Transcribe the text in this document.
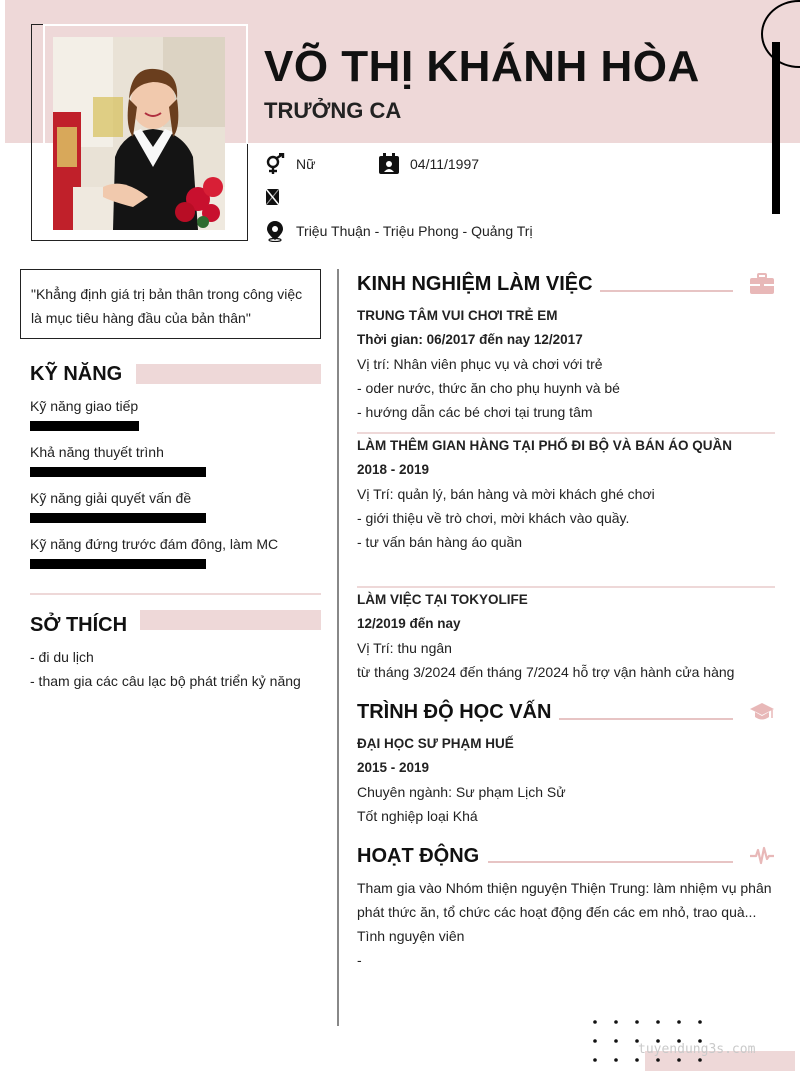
VÕ THỊ KHÁNH HÒA
TRƯỞNG CA
Nữ	04/11/1997
Triệu Thuận - Triệu Phong - Quảng Trị
"Khẳng định giá trị bản thân trong công việc là mục tiêu hàng đầu của bản thân"
KỸ NĂNG
Kỹ năng giao tiếp
Khả năng thuyết trình
Kỹ năng giải quyết vấn đề
Kỹ năng đứng trước đám đông, làm MC
SỞ THÍCH
- đi du lịch
- tham gia các câu lạc bộ phát triển kỷ năng
KINH NGHIỆM LÀM VIỆC
TRUNG TÂM VUI CHƠI TRẺ EM
Thời gian: 06/2017 đến nay 12/2017
Vị trí: Nhân viên phục vụ và chơi với trẻ
- oder nước, thức ăn cho phụ huynh và bé
- hướng dẫn các bé chơi tại trung tâm
LÀM THÊM GIAN HÀNG TẠI PHỐ ĐI BỘ VÀ BÁN ÁO QUẦN
2018 - 2019
Vị Trí: quản lý, bán hàng và mời khách ghé chơi
- giới thiệu về trò chơi, mời khách vào quầy.
- tư vấn bán hàng áo quần
LÀM VIỆC TẠI TOKYOLIFE
12/2019 đến nay
Vị Trí: thu ngân
từ tháng 3/2024 đến tháng 7/2024 hỗ trợ vận hành cửa hàng
TRÌNH ĐỘ HỌC VẤN
ĐẠI HỌC SƯ PHẠM HUẾ
2015 - 2019
Chuyên ngành: Sư phạm Lịch Sử
Tốt nghiệp loại Khá
HOẠT ĐỘNG
Tham gia vào Nhóm thiện nguyện Thiện Trung: làm nhiệm vụ phân
phát thức ăn, tổ chức các hoạt động đến các em nhỏ, trao quà...
Tình nguyện viên
-
tuyendung3s.com
